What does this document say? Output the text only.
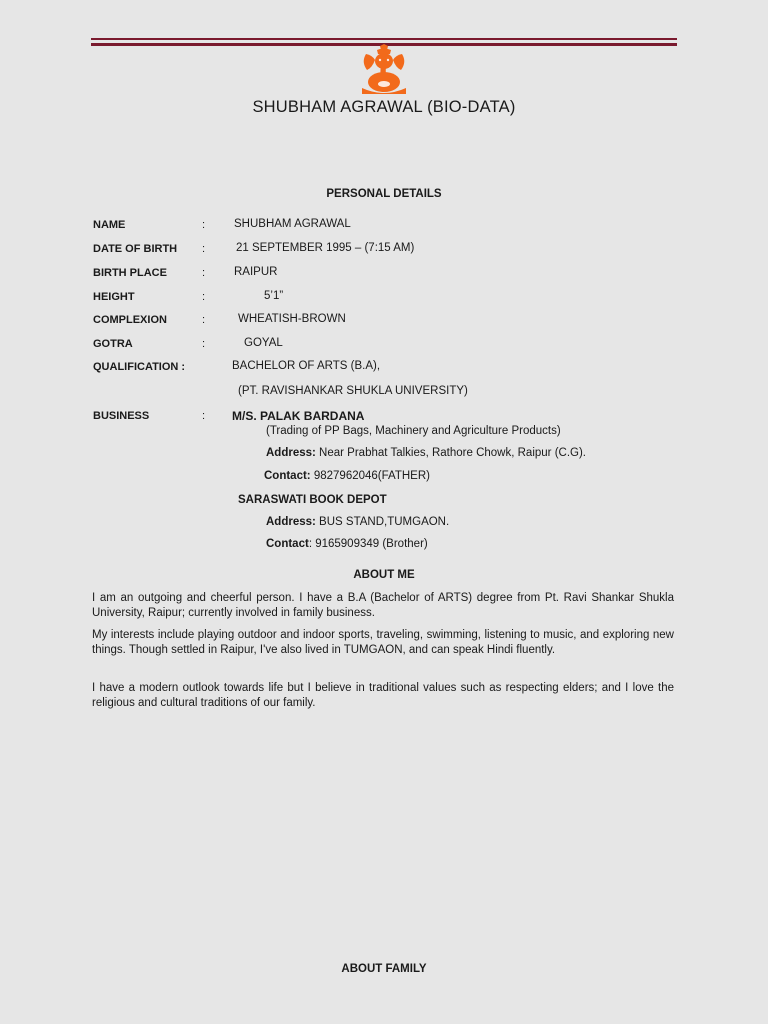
SHUBHAM AGRAWAL (BIO-DATA)
PERSONAL DETAILS
NAME	:	SHUBHAM AGRAWAL
DATE OF BIRTH :	21 SEPTEMBER 1995 – (7:15 AM)
BIRTH PLACE	:	RAIPUR
HEIGHT	:	5’1”
COMPLEXION	:	WHEATISH-BROWN
GOTRA	:	GOYAL
QUALIFICATION :	BACHELOR OF ARTS (B.A),
(PT. RAVISHANKAR SHUKLA UNIVERSITY)
BUSINESS	: M/S. PALAK BARDANA
(Trading of PP Bags, Machinery and Agriculture Products)
Address: Near Prabhat Talkies, Rathore Chowk, Raipur (C.G).
Contact: 9827962046(FATHER)
SARASWATI BOOK DEPOT
Address: BUS STAND,TUMGAON.
Contact: 9165909349 (Brother)
ABOUT ME
I am an outgoing and cheerful person. I have a B.A (Bachelor of ARTS) degree from Pt. Ravi Shankar Shukla University, Raipur; currently involved in family business.
My interests include playing outdoor and indoor sports, traveling, swimming, listening to music, and exploring new things. Though settled in Raipur, I've also lived in TUMGAON, and can speak Hindi fluently.
I have a modern outlook towards life but I believe in traditional values such as respecting elders; and I love the religious and cultural traditions of our family.
ABOUT FAMILY
